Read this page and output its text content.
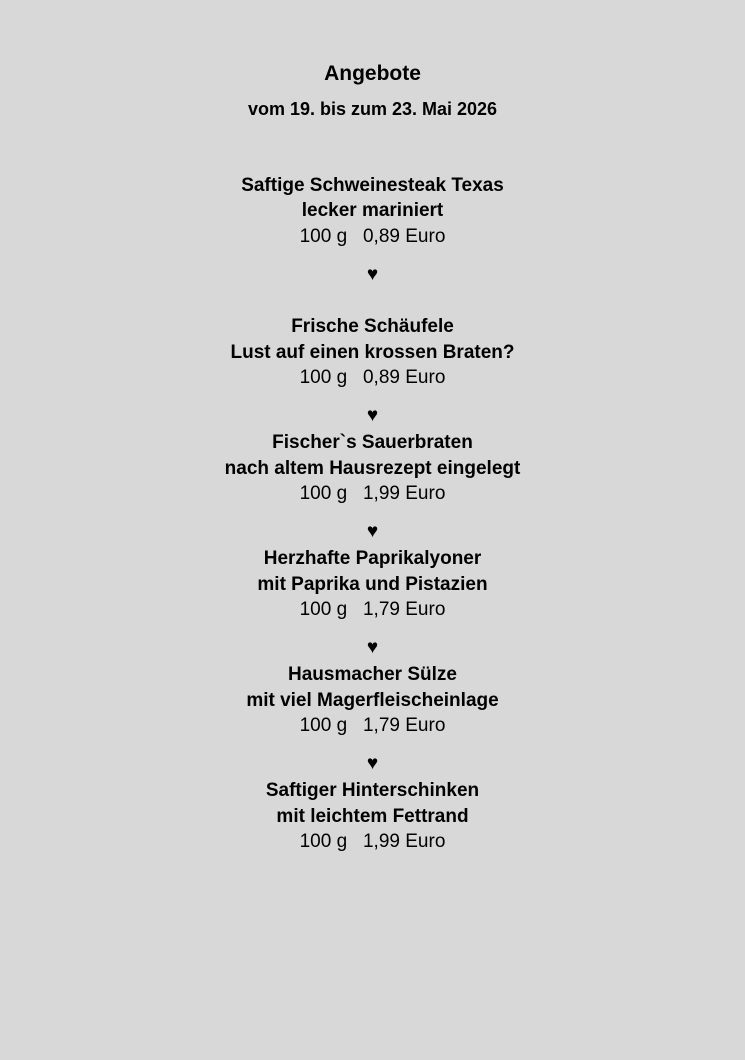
Angebote
vom 19. bis zum 23. Mai 2026
Saftige Schweinesteak Texas
lecker mariniert
100 g   0,89 Euro
♥
Frische Schäufele
Lust auf einen krossen Braten?
100 g   0,89 Euro
♥
Fischer`s Sauerbraten
nach altem Hausrezept eingelegt
100 g   1,99 Euro
♥
Herzhafte Paprikalyoner
mit Paprika und Pistazien
100 g   1,79 Euro
♥
Hausmacher Sülze
mit viel Magerfleischeinlage
100 g   1,79 Euro
♥
Saftiger Hinterschinken
mit leichtem Fettrand
100 g   1,99 Euro
